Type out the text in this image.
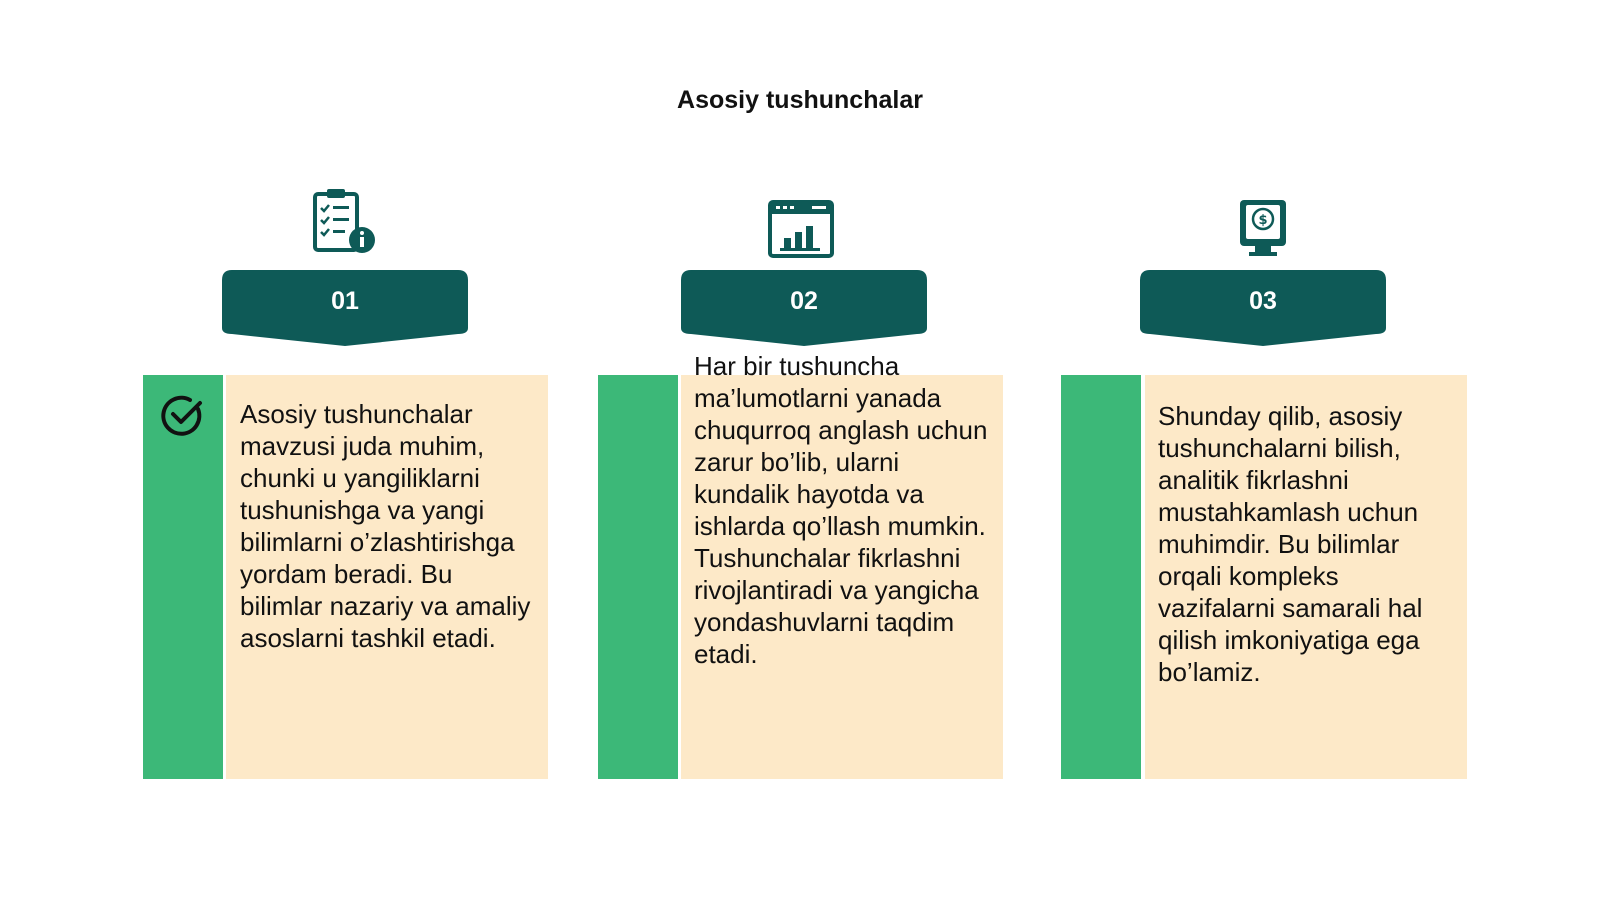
Asosiy tushunchalar
01
Asosiy tushunchalar mavzusi juda muhim, chunki u yangiliklarni tushunishga va yangi bilimlarni o’zlashtirishga yordam beradi. Bu bilimlar nazariy va amaliy asoslarni tashkil etadi.
02
Har bir tushuncha ma’lumotlarni yanada chuqurroq anglash uchun zarur bo’lib, ularni kundalik hayotda va ishlarda qo’llash mumkin. Tushunchalar fikrlashni rivojlantiradi va yangicha yondashuvlarni taqdim etadi.
$
03
Shunday qilib, asosiy tushunchalarni bilish, analitik fikrlashni mustahkamlash uchun muhimdir. Bu bilimlar orqali kompleks vazifalarni samarali hal qilish imkoniyatiga ega bo’lamiz.
